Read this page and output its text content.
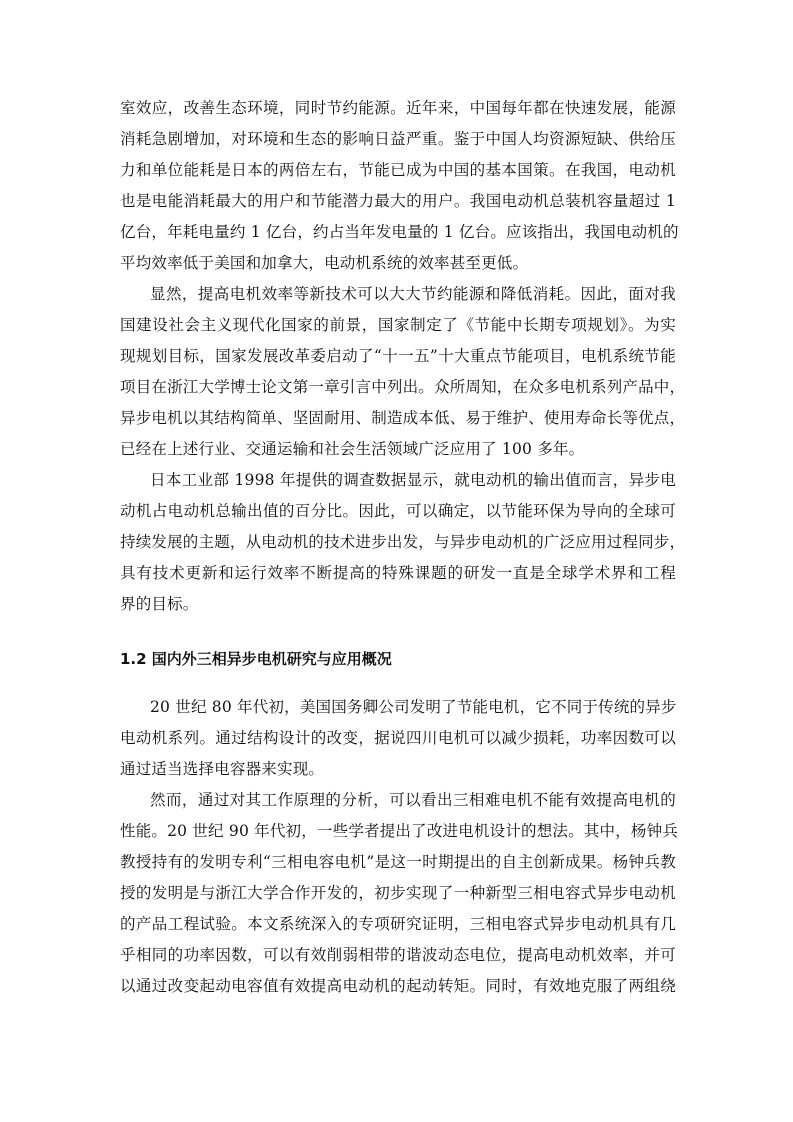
室效应，改善生态环境，同时节约能源。近年来，中国每年都在快速发展，能源
消耗急剧增加，对环境和生态的影响日益严重。鉴于中国人均资源短缺、供给压
力和单位能耗是日本的两倍左右，节能已成为中国的基本国策。在我国，电动机
也是电能消耗最大的用户和节能潜力最大的用户。我国电动机总装机容量超过 1
亿台，年耗电量约 1 亿台，约占当年发电量的 1 亿台。应该指出，我国电动机的
平均效率低于美国和加拿大，电动机系统的效率甚至更低。
显然，提高电机效率等新技术可以大大节约能源和降低消耗。因此，面对我
国建设社会主义现代化国家的前景，国家制定了《节能中长期专项规划》。为实
现规划目标，国家发展改革委启动了“十一五”十大重点节能项目，电机系统节能
项目在浙江大学博士论文第一章引言中列出。众所周知，在众多电机系列产品中，
异步电机以其结构简单、坚固耐用、制造成本低、易于维护、使用寿命长等优点，
已经在上述行业、交通运输和社会生活领域广泛应用了 100 多年。
日本工业部 1998 年提供的调查数据显示，就电动机的输出值而言，异步电
动机占电动机总输出值的百分比。因此，可以确定，以节能环保为导向的全球可
持续发展的主题，从电动机的技术进步出发，与异步电动机的广泛应用过程同步，
具有技术更新和运行效率不断提高的特殊课题的研发一直是全球学术界和工程
界的目标。
1.2 国内外三相异步电机研究与应用概况
20 世纪 80 年代初，美国国务卿公司发明了节能电机，它不同于传统的异步
电动机系列。通过结构设计的改变，据说四川电机可以减少损耗，功率因数可以
通过适当选择电容器来实现。
然而，通过对其工作原理的分析，可以看出三相难电机不能有效提高电机的
性能。20 世纪 90 年代初，一些学者提出了改进电机设计的想法。其中，杨钟兵
教授持有的发明专利“三相电容电机”是这一时期提出的自主创新成果。杨钟兵教
授的发明是与浙江大学合作开发的，初步实现了一种新型三相电容式异步电动机
的产品工程试验。本文系统深入的专项研究证明，三相电容式异步电动机具有几
乎相同的功率因数，可以有效削弱相带的谐波动态电位，提高电动机效率，并可
以通过改变起动电容值有效提高电动机的起动转矩。同时，有效地克服了两组绕
